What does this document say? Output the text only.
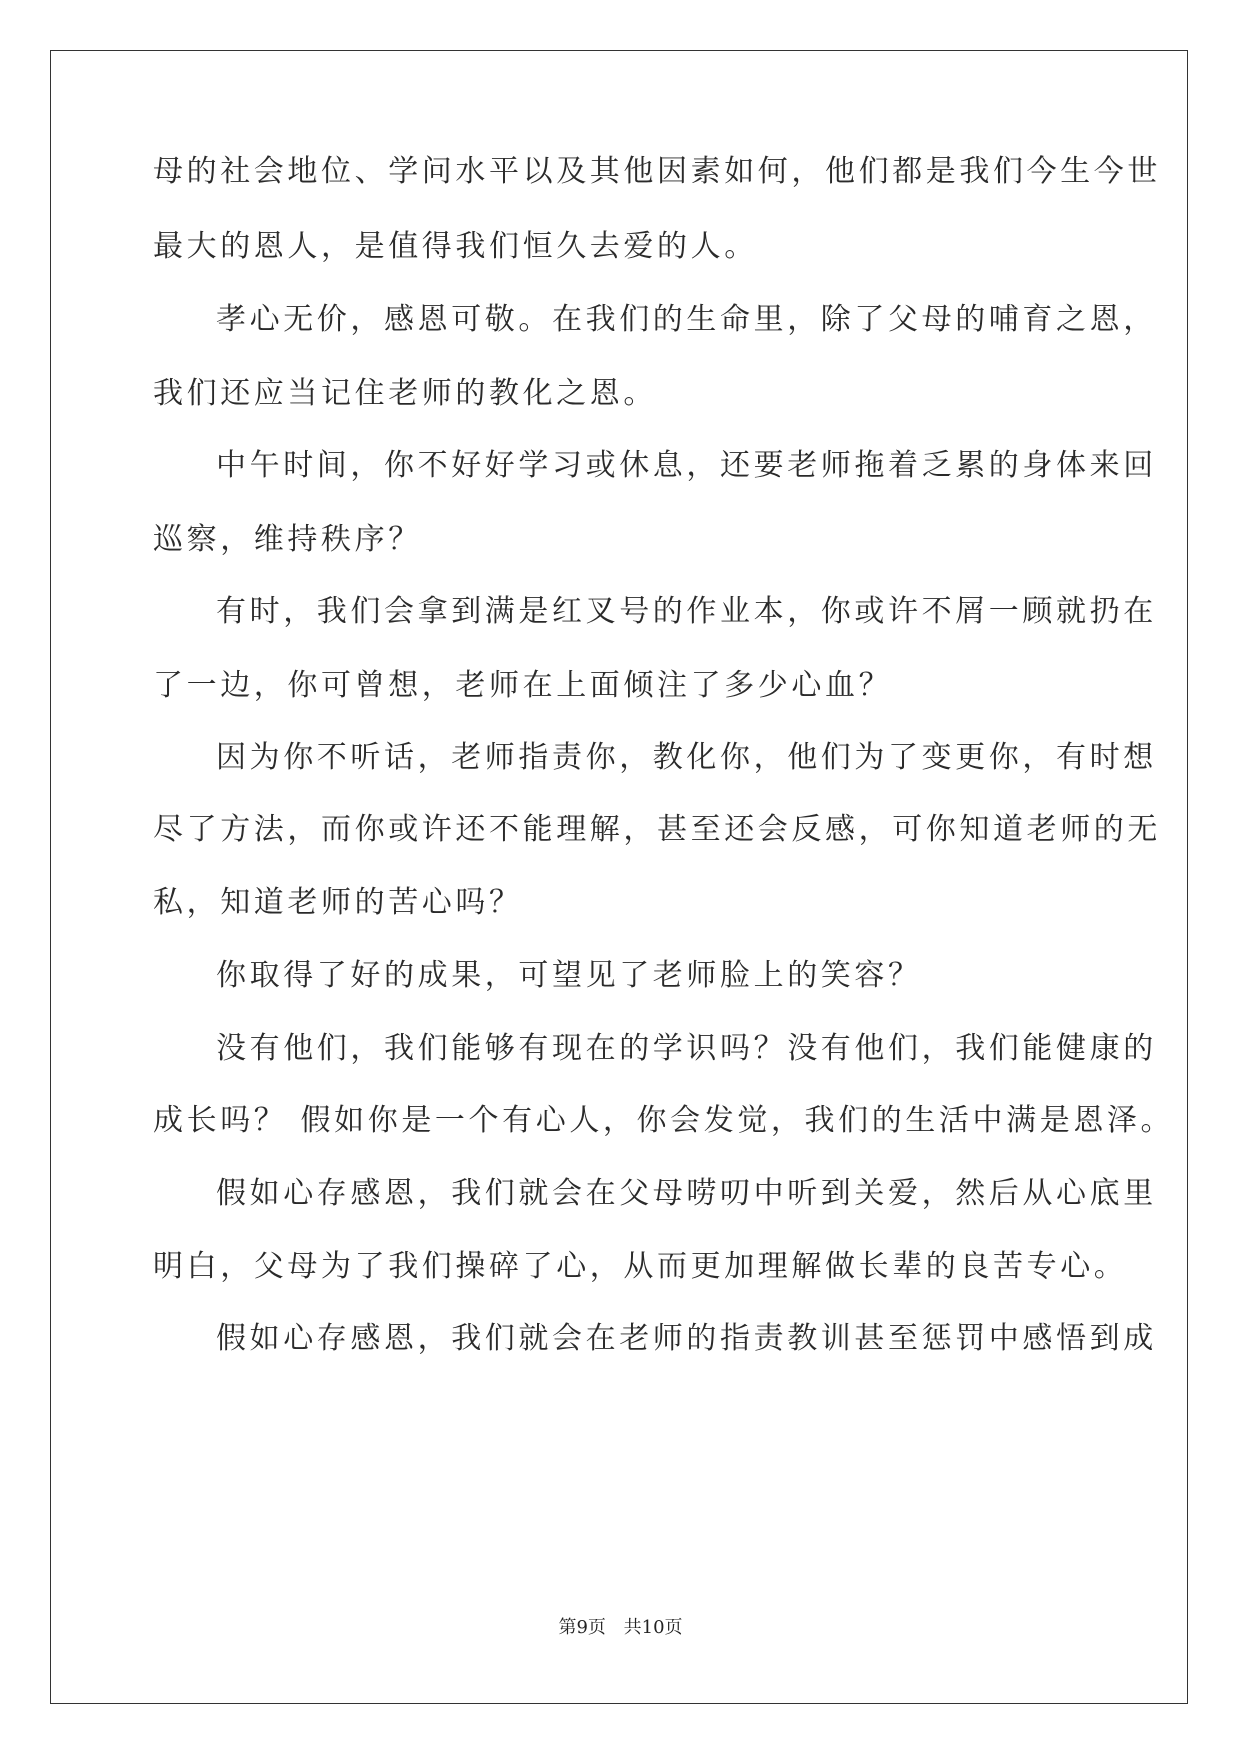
母的社会地位、学问水平以及其他因素如何，他们都是我们今生今世
最大的恩人，是值得我们恒久去爱的人。
孝心无价，感恩可敬。在我们的生命里，除了父母的哺育之恩，
我们还应当记住老师的教化之恩。
中午时间，你不好好学习或休息，还要老师拖着乏累的身体来回
巡察，维持秩序？
有时，我们会拿到满是红叉号的作业本，你或许不屑一顾就扔在
了一边，你可曾想，老师在上面倾注了多少心血？
因为你不听话，老师指责你，教化你，他们为了变更你，有时想
尽了方法，而你或许还不能理解，甚至还会反感，可你知道老师的无
私，知道老师的苦心吗？
你取得了好的成果，可望见了老师脸上的笑容？
没有他们，我们能够有现在的学识吗？没有他们，我们能健康的
成长吗？ 假如你是一个有心人，你会发觉，我们的生活中满是恩泽。
假如心存感恩，我们就会在父母唠叨中听到关爱，然后从心底里
明白，父母为了我们操碎了心，从而更加理解做长辈的良苦专心。
假如心存感恩，我们就会在老师的指责教训甚至惩罚中感悟到成
第9页 共10页
